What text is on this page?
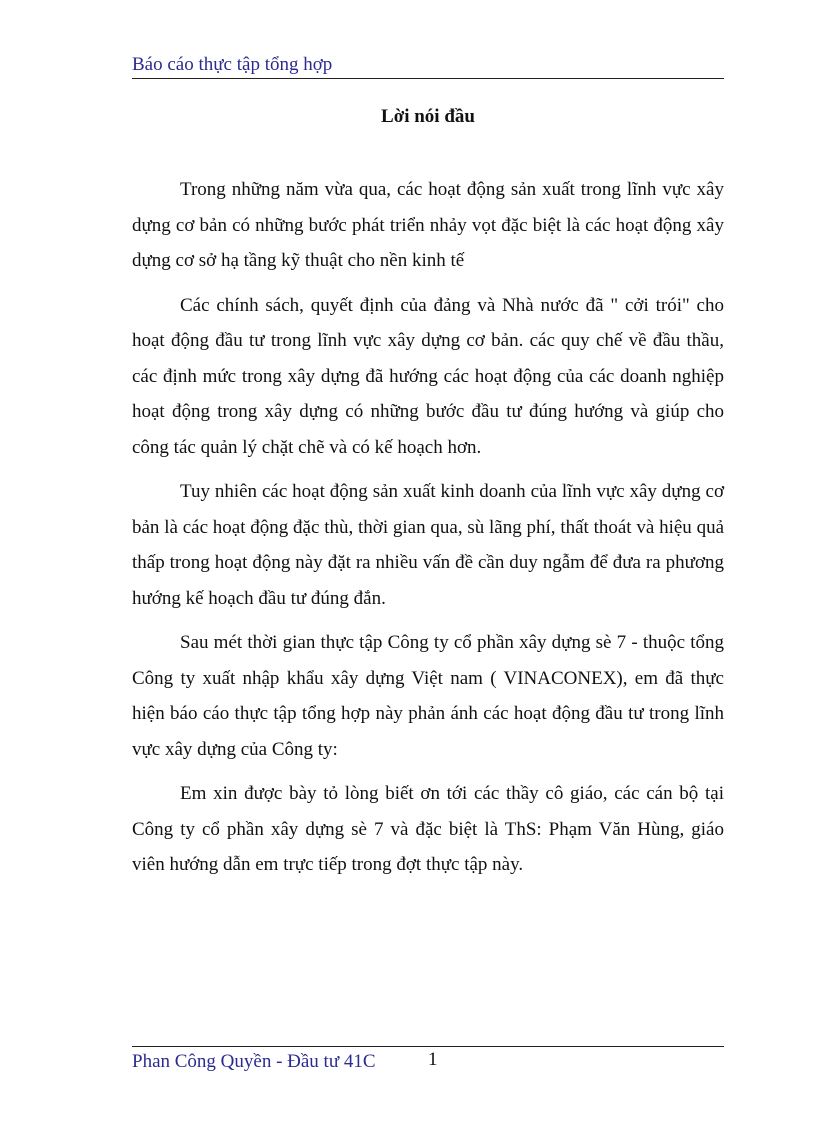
Báo cáo thực tập tổng hợp
Lời nói đầu

Trong những năm vừa qua, các hoạt động sản xuất trong lĩnh vực xây dựng cơ bản có những bước phát triển nhảy vọt đặc biệt là các hoạt động xây dựng cơ sở hạ tầng kỹ thuật cho nền kinh tế

Các chính sách, quyết định của đảng và Nhà nước đã " cởi trói" cho hoạt động đầu tư trong lĩnh vực xây dựng cơ bản. các quy chế về đầu thầu, các định mức trong xây dựng đã hướng các hoạt động của các doanh nghiệp hoạt động trong xây dựng có những bước đầu tư đúng hướng và giúp cho công tác quản lý chặt chẽ và có kế hoạch hơn.

Tuy nhiên các hoạt động sản xuất kinh doanh của lĩnh vực xây dựng cơ bản là các hoạt động đặc thù, thời gian qua, sù lãng phí, thất thoát và hiệu quả thấp trong hoạt động này đặt ra nhiều vấn đề cần duy ngẫm để đưa ra phương hướng kế hoạch đầu tư đúng đắn.

Sau mét thời gian thực tập Công ty cổ phần xây dựng sè 7 - thuộc tổng Công ty xuất nhập khẩu xây dựng Việt nam ( VINACONEX), em đã thực hiện báo cáo thực tập tổng hợp này phản ánh các hoạt động đầu tư trong lĩnh vực xây dựng của Công ty:

Em xin được bày tỏ lòng biết ơn tới các thầy cô giáo, các cán bộ tại Công ty cổ phần xây dựng sè 7 và đặc biệt là ThS: Phạm Văn Hùng, giáo viên hướng dẫn em trực tiếp trong đợt thực tập này.

Phan Công Quyền - Đầu tư 41C	1
